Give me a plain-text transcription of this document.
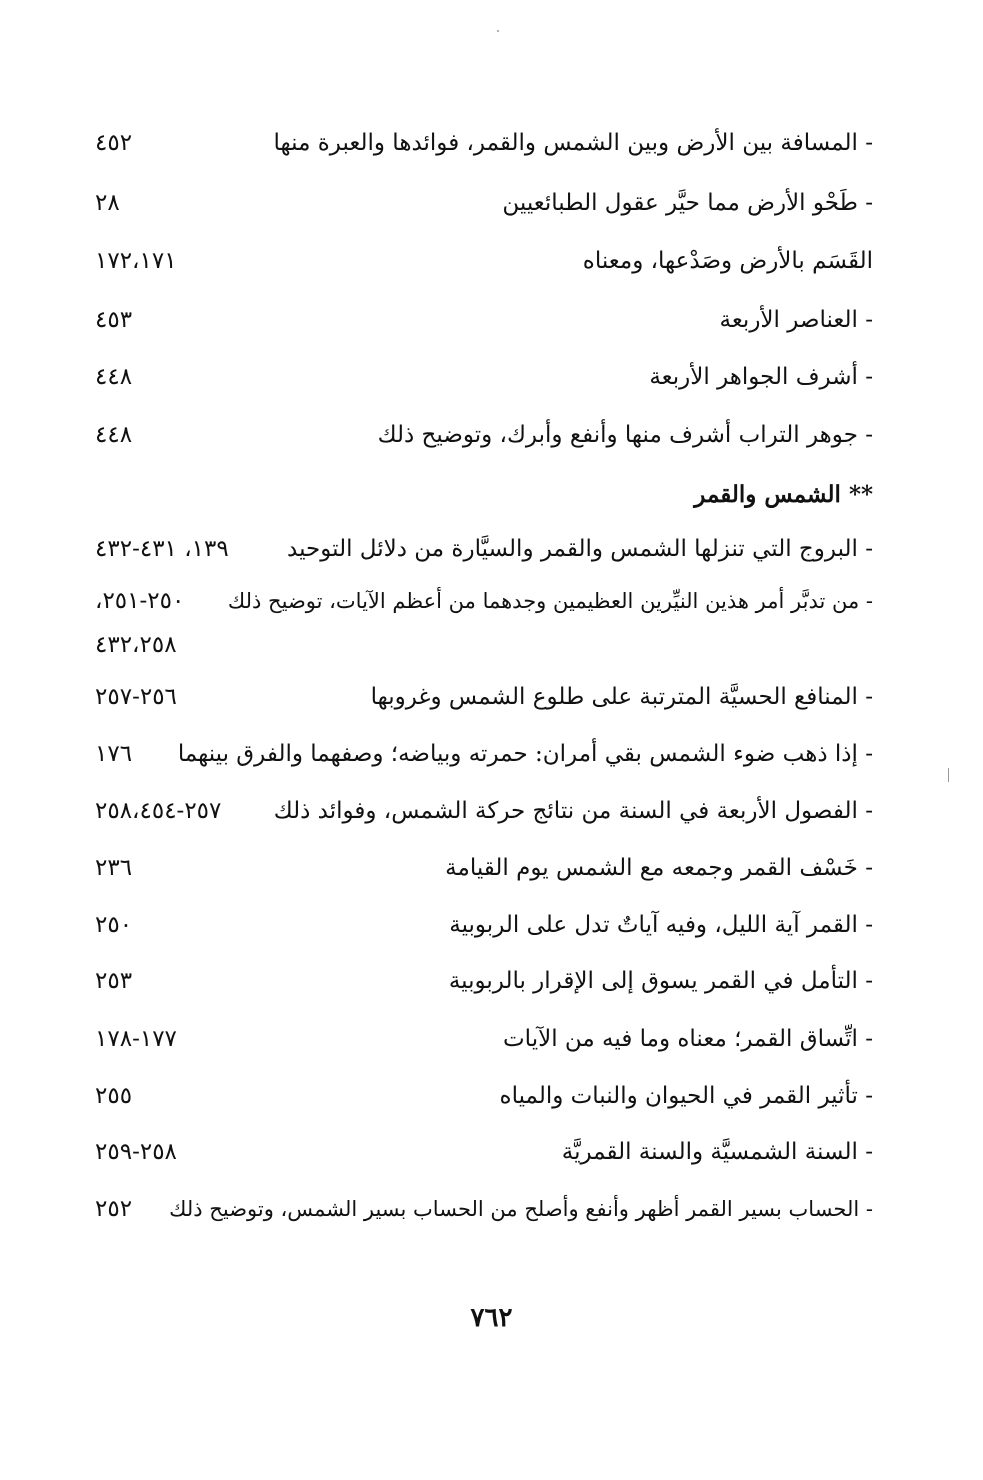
- المسافة بين الأرض وبين الشمس والقمر، فوائدها والعبرة منها
٤٥٢
- طَحْو الأرض مما حيَّر عقول الطبائعيين
٢٨
القَسَم بالأرض وصَدْعها، ومعناه
١٧٢،١٧١
- العناصر الأربعة
٤٥٣
- أشرف الجواهر الأربعة
٤٤٨
- جوهر التراب أشرف منها وأنفع وأبرك، وتوضيح ذلك
٤٤٨
** الشمس والقمر
- البروج التي تنزلها الشمس والقمر والسيَّارة من دلائل التوحيد
١٣٩، ٤٣١-٤٣٢
- من تدبَّر أمر هذين النيِّرين العظيمين وجدهما من أعظم الآيات، توضيح ذلك
٢٥٠-٢٥١،
٤٣٢،٢٥٨
- المنافع الحسيَّة المترتبة على طلوع الشمس وغروبها
٢٥٦-٢٥٧
- إذا ذهب ضوء الشمس بقي أمران: حمرته وبياضه؛ وصفهما والفرق بينهما
١٧٦
- الفصول الأربعة في السنة من نتائج حركة الشمس، وفوائد ذلك
٢٥٧-٢٥٨،٤٥٤
- خَسْف القمر وجمعه مع الشمس يوم القيامة
٢٣٦
- القمر آية الليل، وفيه آياتٌ تدل على الربوبية
٢٥٠
- التأمل في القمر يسوق إلى الإقرار بالربوبية
٢٥٣
- اتِّساق القمر؛ معناه وما فيه من الآيات
١٧٧-١٧٨
- تأثير القمر في الحيوان والنبات والمياه
٢٥٥
- السنة الشمسيَّة والسنة القمريَّة
٢٥٨-٢٥٩
- الحساب بسير القمر أظهر وأنفع وأصلح من الحساب بسير الشمس، وتوضيح ذلك
٢٥٢
٧٦٢
